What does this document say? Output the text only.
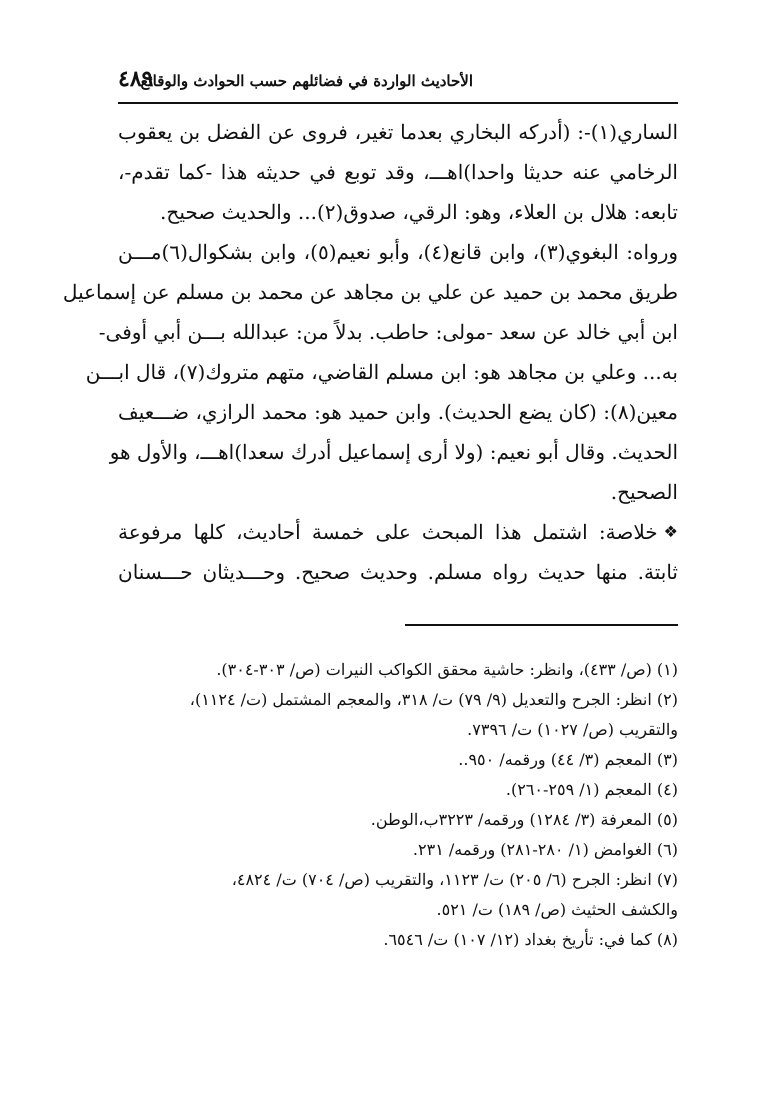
الأحاديث الواردة في فضائلهم حسب الحوادث والوقائع
٤٨٩
الساري(١)-: (أدركه البخاري بعدما تغير، فروى عن الفضل بن يعقوب
الرخامي عنه حديثا واحدا)اهـــ، وقد توبع في حديثه هذا -كما تقدم-،
تابعه: هلال بن العلاء، وهو: الرقي، صدوق(٢)... والحديث صحيح.
ورواه: البغوي(٣)، وابن قانع(٤)، وأبو نعيم(٥)، وابن بشكوال(٦)مـــن
طريق محمد بن حميد عن علي بن مجاهد عن محمد بن مسلم عن إسماعيل
ابن أبي خالد عن سعد -مولى: حاطب. بدلاً من: عبدالله بـــن أبي أوفى-
به... وعلي بن مجاهد هو: ابن مسلم القاضي، متهم متروك(٧)، قال ابـــن
معين(٨): (كان يضع الحديث). وابن حميد هو: محمد الرازي، ضـــعيف
الحديث. وقال أبو نعيم: (ولا أرى إسماعيل أدرك سعدا)اهـــ، والأول هو
الصحيح.
❖خلاصة: اشتمل هذا المبحث على خمسة أحاديث، كلها مرفوعة
ثابتة. منها حديث رواه مسلم. وحديث صحيح. وحـــديثان حـــسنان
(١) (ص/ ٤٣٣)، وانظر: حاشية محقق الكواكب النيرات (ص/ ٣٠٣-٣٠٤).
(٢) انظر: الجرح والتعديل (٩/ ٧٩) ت/ ٣١٨، والمعجم المشتمل (ت/ ١١٢٤)،
والتقريب (ص/ ١٠٢٧) ت/ ٧٣٩٦.
(٣) المعجم (٣/ ٤٤) ورقمه/ ٩٥٠..
(٤) المعجم (١/ ٢٥٩-٢٦٠).
(٥) المعرفة (٣/ ١٢٨٤) ورقمه/ ٣٢٢٣ب،الوطن.
(٦) الغوامض (١/ ٢٨٠-٢٨١) ورقمه/ ٢٣١.
(٧) انظر: الجرح (٦/ ٢٠٥) ت/ ١١٢٣، والتقريب (ص/ ٧٠٤) ت/ ٤٨٢٤،
والكشف الحثيث (ص/ ١٨٩) ت/ ٥٢١.
(٨) كما في: تأريخ بغداد (١٢/ ١٠٧) ت/ ٦٥٤٦.
